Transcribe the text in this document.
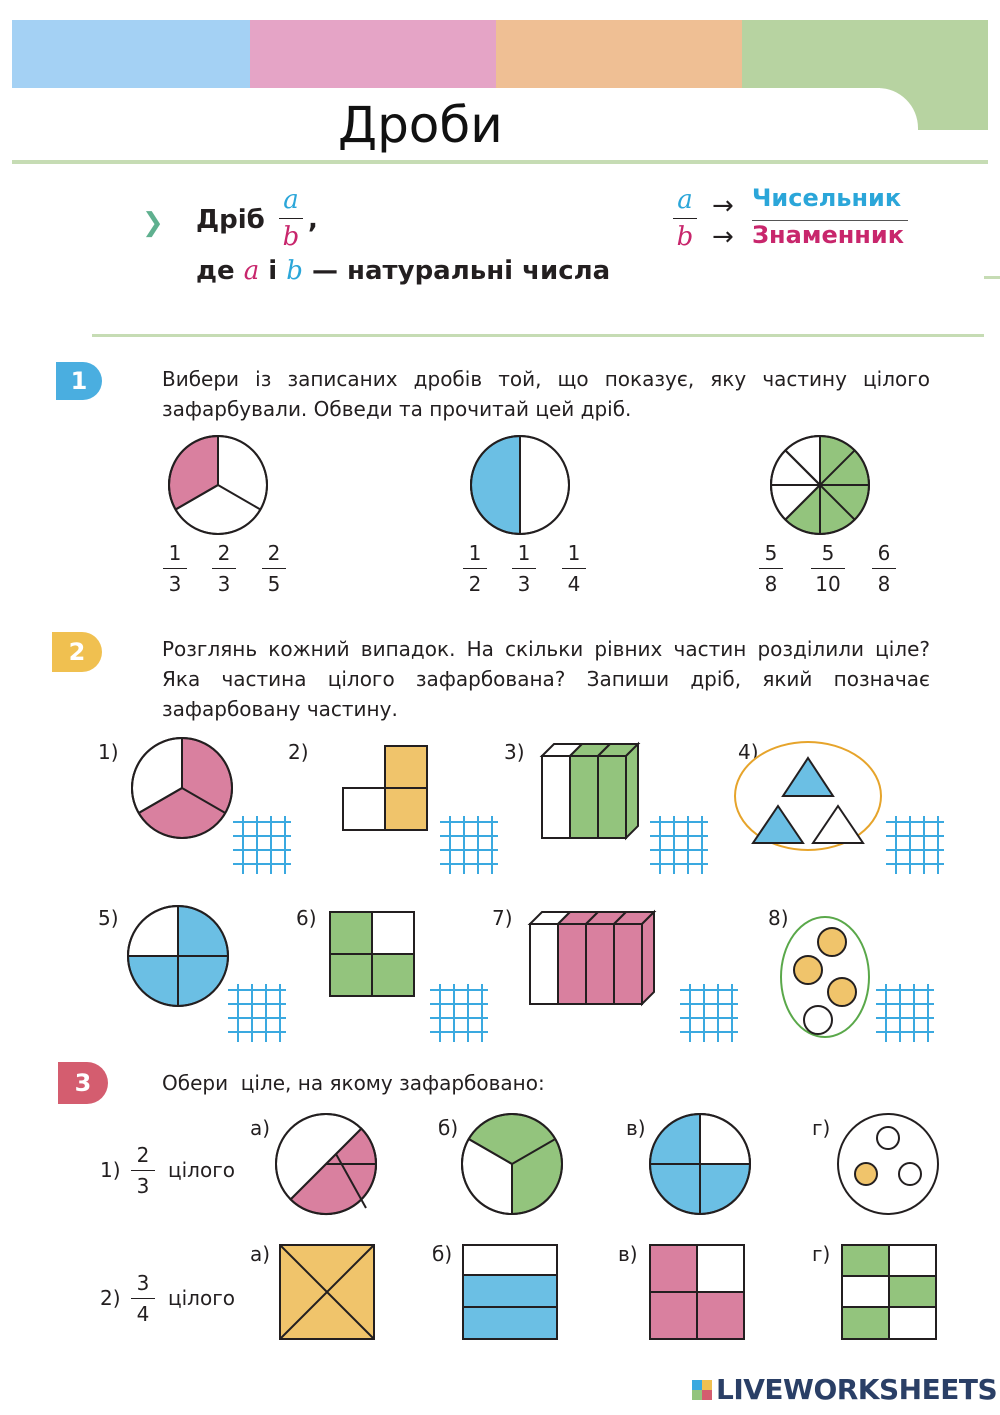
Дроби
❯ Дріб
a
b
,
де a і b — натуральні числа
a
b
→
→
Чисельник
Знаменник
1	Вибери із записаних дробів той, що показує, яку частину цілого зафарбували. Обведи та прочитай цей дріб.
2	Розглянь кожний випадок. На скільки рівних частин розділили ціле? Яка частина цілого зафарбована? Запиши дріб, який позначає зафарбовану частину.
3	Обери  ціле, на якому зафарбовано:
1
3
2
3
2
5
1
2
1
3
1
4
5
8
5
10
6
8
1)	2)	3)	4)
5)	6)	7)	8)
1)
2
3
цілого
2)
3
4
цілого
а)	б)	в)	г)
а)	б)	в)	г)
LIVEWORKSHEETS
